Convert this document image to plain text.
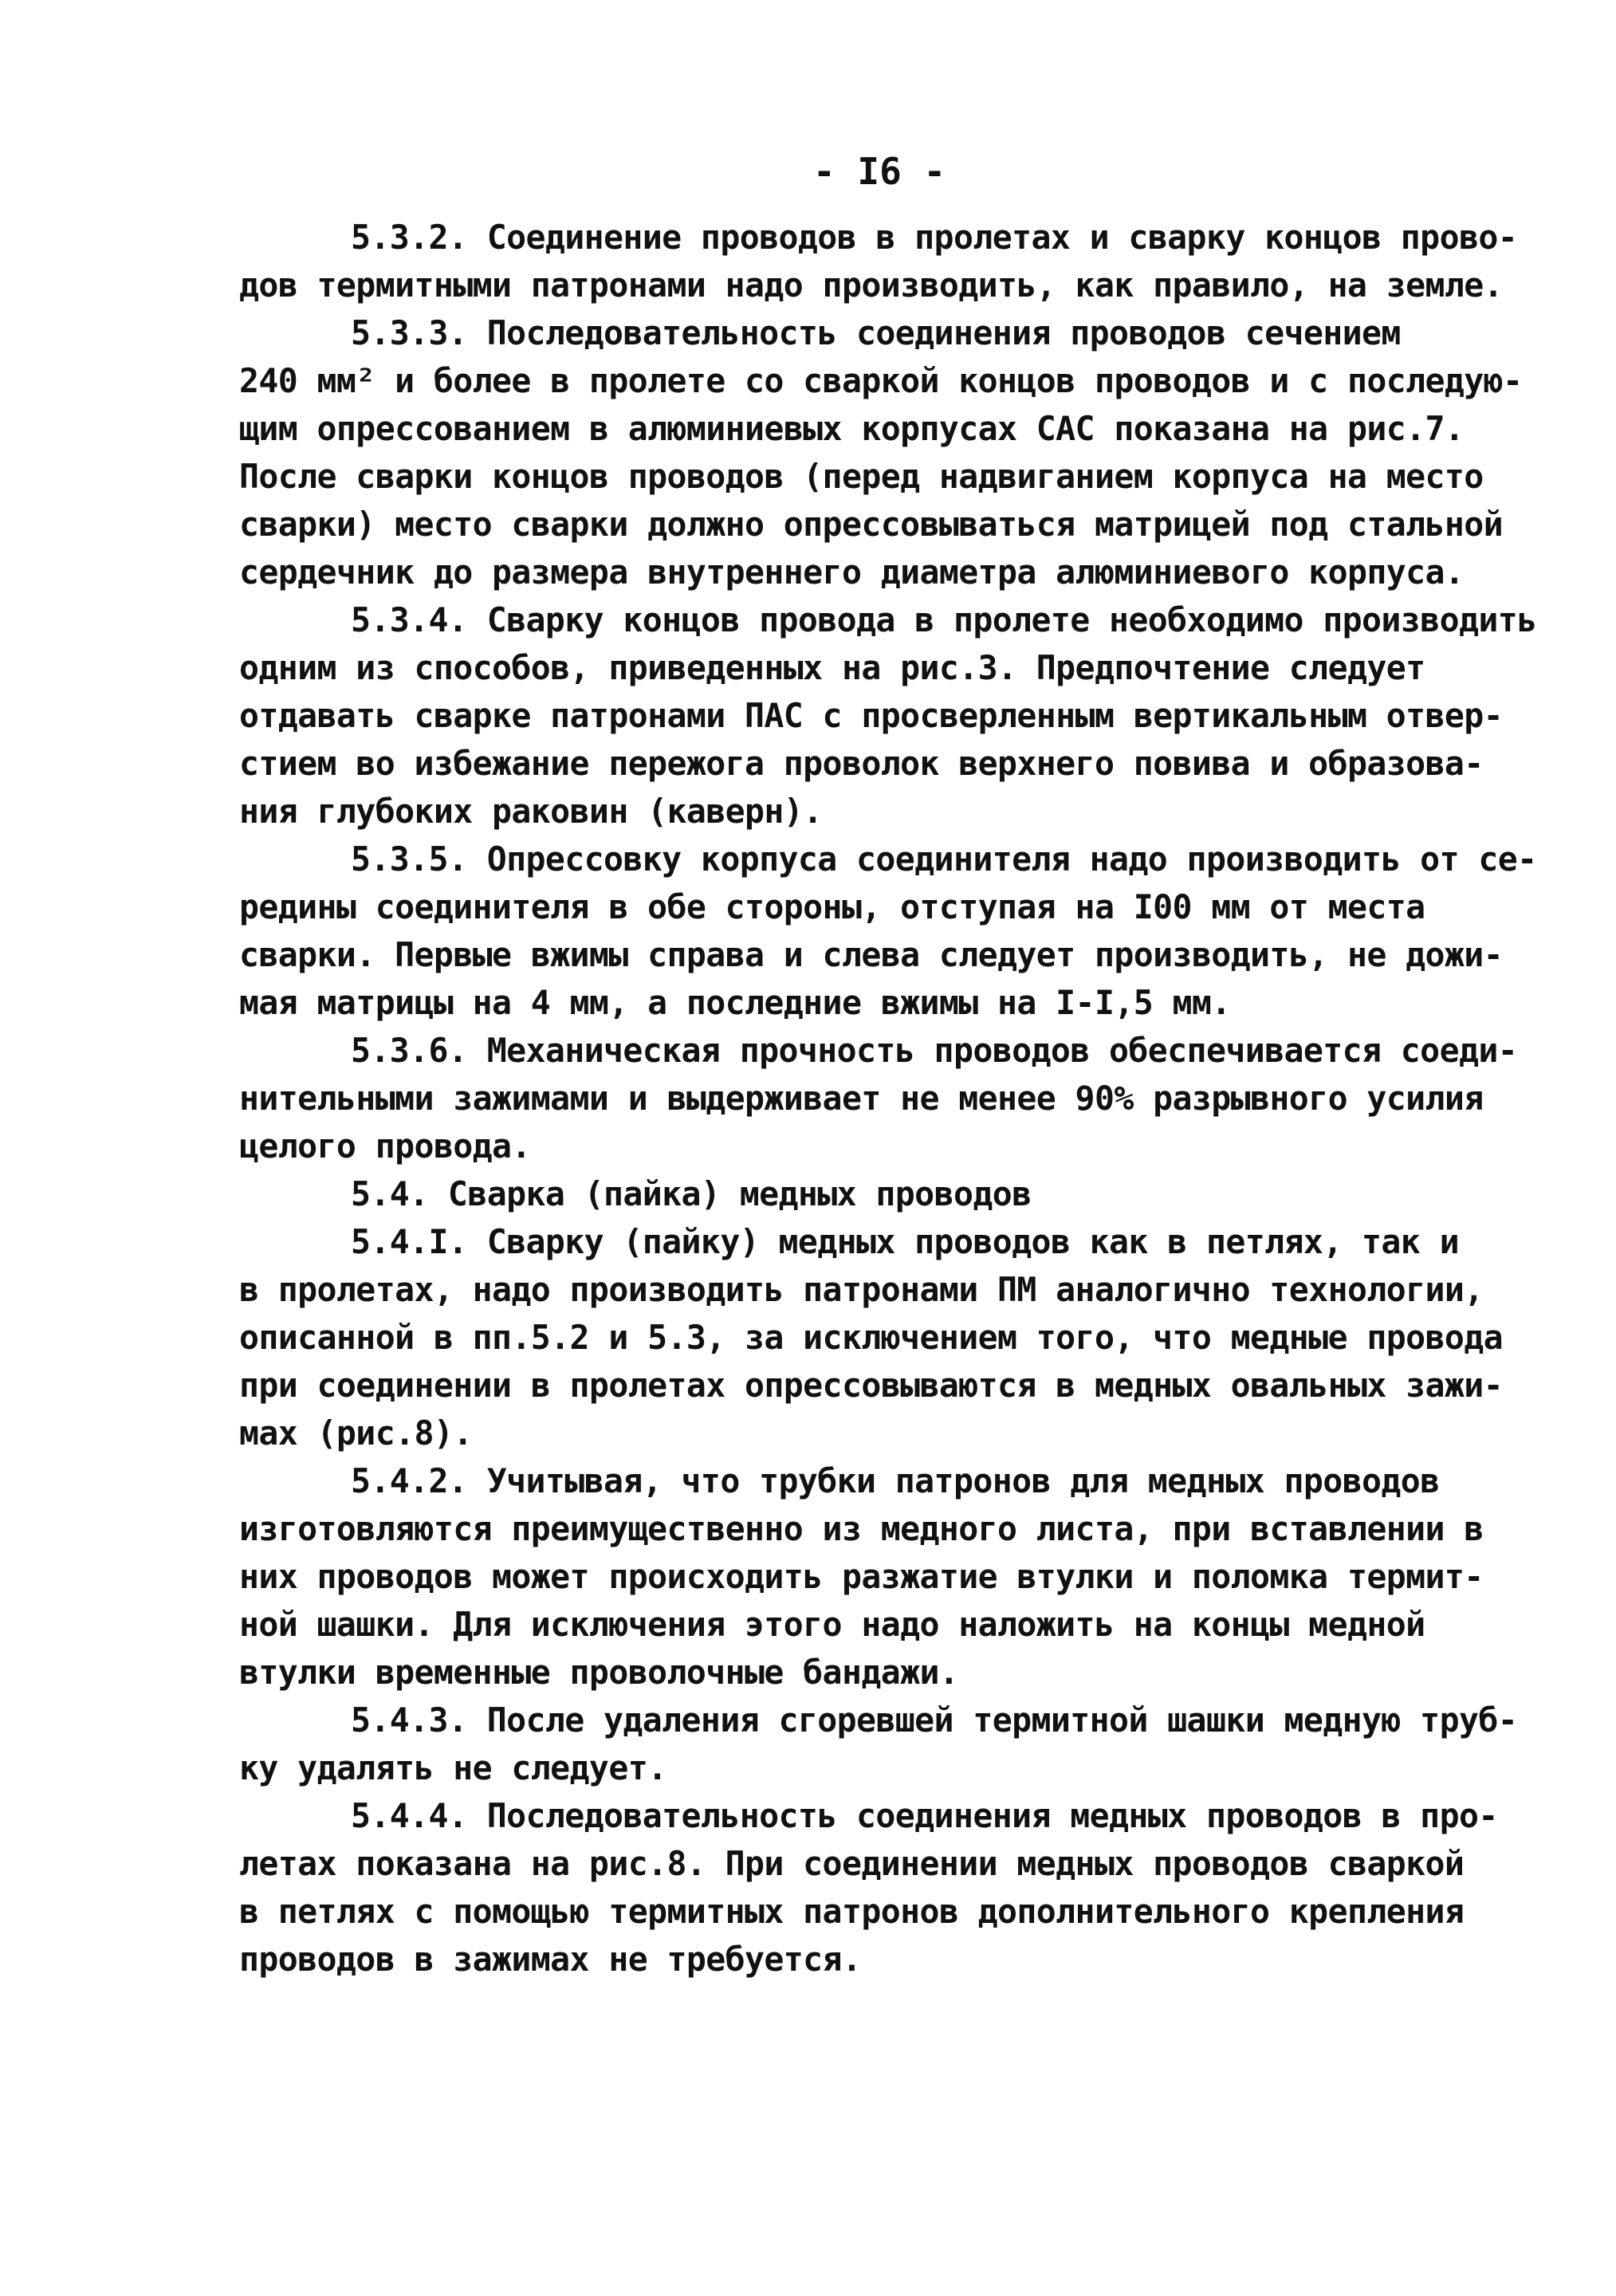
- I6 -
5.3.2. Соединение проводов в пролетах и сварку концов прово-
дов термитными патронами надо производить, как правило, на земле.
5.3.3. Последовательность соединения проводов сечением
240 мм² и более в пролете со сваркой концов проводов и с последую-
щим опрессованием в алюминиевых корпусах САС показана на рис.7.
После сварки концов проводов (перед надвиганием корпуса на место
сварки) место сварки должно опрессовываться матрицей под стальной
сердечник до размера внутреннего диаметра алюминиевого корпуса.
5.3.4. Сварку концов провода в пролете необходимо производить
одним из способов, приведенных на рис.3. Предпочтение следует
отдавать сварке патронами ПАС с просверленным вертикальным отвер-
стием во избежание пережога проволок верхнего повива и образова-
ния глубоких раковин (каверн).
5.3.5. Опрессовку корпуса соединителя надо производить от се-
редины соединителя в обе стороны, отступая на I00 мм от места
сварки. Первые вжимы справа и слева следует производить, не дожи-
мая матрицы на 4 мм, а последние вжимы на I-I,5 мм.
5.3.6. Механическая прочность проводов обеспечивается соеди-
нительными зажимами и выдерживает не менее 90% разрывного усилия
целого провода.
5.4. Сварка (пайка) медных проводов
5.4.I. Сварку (пайку) медных проводов как в петлях, так и
в пролетах, надо производить патронами ПМ аналогично технологии,
описанной в пп.5.2 и 5.3, за исключением того, что медные провода
при соединении в пролетах опрессовываются в медных овальных зажи-
мах (рис.8).
5.4.2. Учитывая, что трубки патронов для медных проводов
изготовляются преимущественно из медного листа, при вставлении в
них проводов может происходить разжатие втулки и поломка термит-
ной шашки. Для исключения этого надо наложить на концы медной
втулки временные проволочные бандажи.
5.4.3. После удаления сгоревшей термитной шашки медную труб-
ку удалять не следует.
5.4.4. Последовательность соединения медных проводов в про-
летах показана на рис.8. При соединении медных проводов сваркой
в петлях с помощью термитных патронов дополнительного крепления
проводов в зажимах не требуется.
